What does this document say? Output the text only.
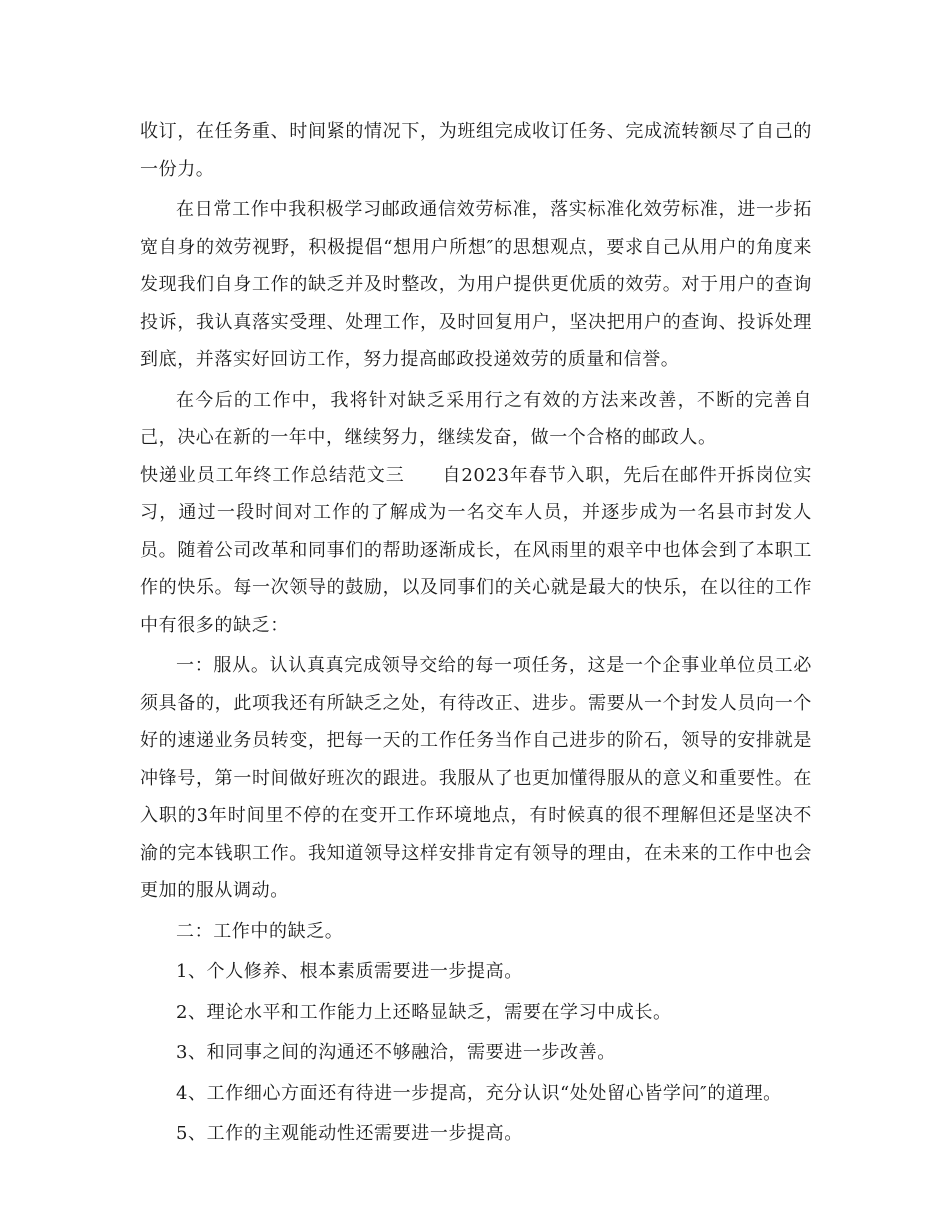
收订，在任务重、时间紧的情况下，为班组完成收订任务、完成流转额尽了自己的一份力。

在日常工作中我积极学习邮政通信效劳标准，落实标准化效劳标准，进一步拓宽自身的效劳视野，积极提倡“想用户所想″的思想观点，要求自己从用户的角度来发现我们自身工作的缺乏并及时整改，为用户提供更优质的效劳。对于用户的查询投诉，我认真落实受理、处理工作，及时回复用户，坚决把用户的查询、投诉处理到底，并落实好回访工作，努力提高邮政投递效劳的质量和信誉。

在今后的工作中，我将针对缺乏采用行之有效的方法来改善，不断的完善自己，决心在新的一年中，继续努力，继续发奋，做一个合格的邮政人。

快递业员工年终工作总结范文三　　自2023年春节入职，先后在邮件开拆岗位实习，通过一段时间对工作的了解成为一名交车人员，并逐步成为一名县市封发人员。随着公司改革和同事们的帮助逐渐成长，在风雨里的艰辛中也体会到了本职工作的快乐。每一次领导的鼓励，以及同事们的关心就是最大的快乐，在以往的工作中有很多的缺乏：

一：服从。认认真真完成领导交给的每一项任务，这是一个企事业单位员工必须具备的，此项我还有所缺乏之处，有待改正、进步。需要从一个封发人员向一个好的速递业务员转变，把每一天的工作任务当作自己进步的阶石，领导的安排就是冲锋号，第一时间做好班次的跟进。我服从了也更加懂得服从的意义和重要性。在入职的3年时间里不停的在变开工作环境地点，有时候真的很不理解但还是坚决不渝的完本钱职工作。我知道领导这样安排肯定有领导的理由，在未来的工作中也会更加的服从调动。

二：工作中的缺乏。

1、个人修养、根本素质需要进一步提高。

2、理论水平和工作能力上还略显缺乏，需要在学习中成长。

3、和同事之间的沟通还不够融洽，需要进一步改善。

4、工作细心方面还有待进一步提高，充分认识“处处留心皆学问″的道理。

5、工作的主观能动性还需要进一步提高。
